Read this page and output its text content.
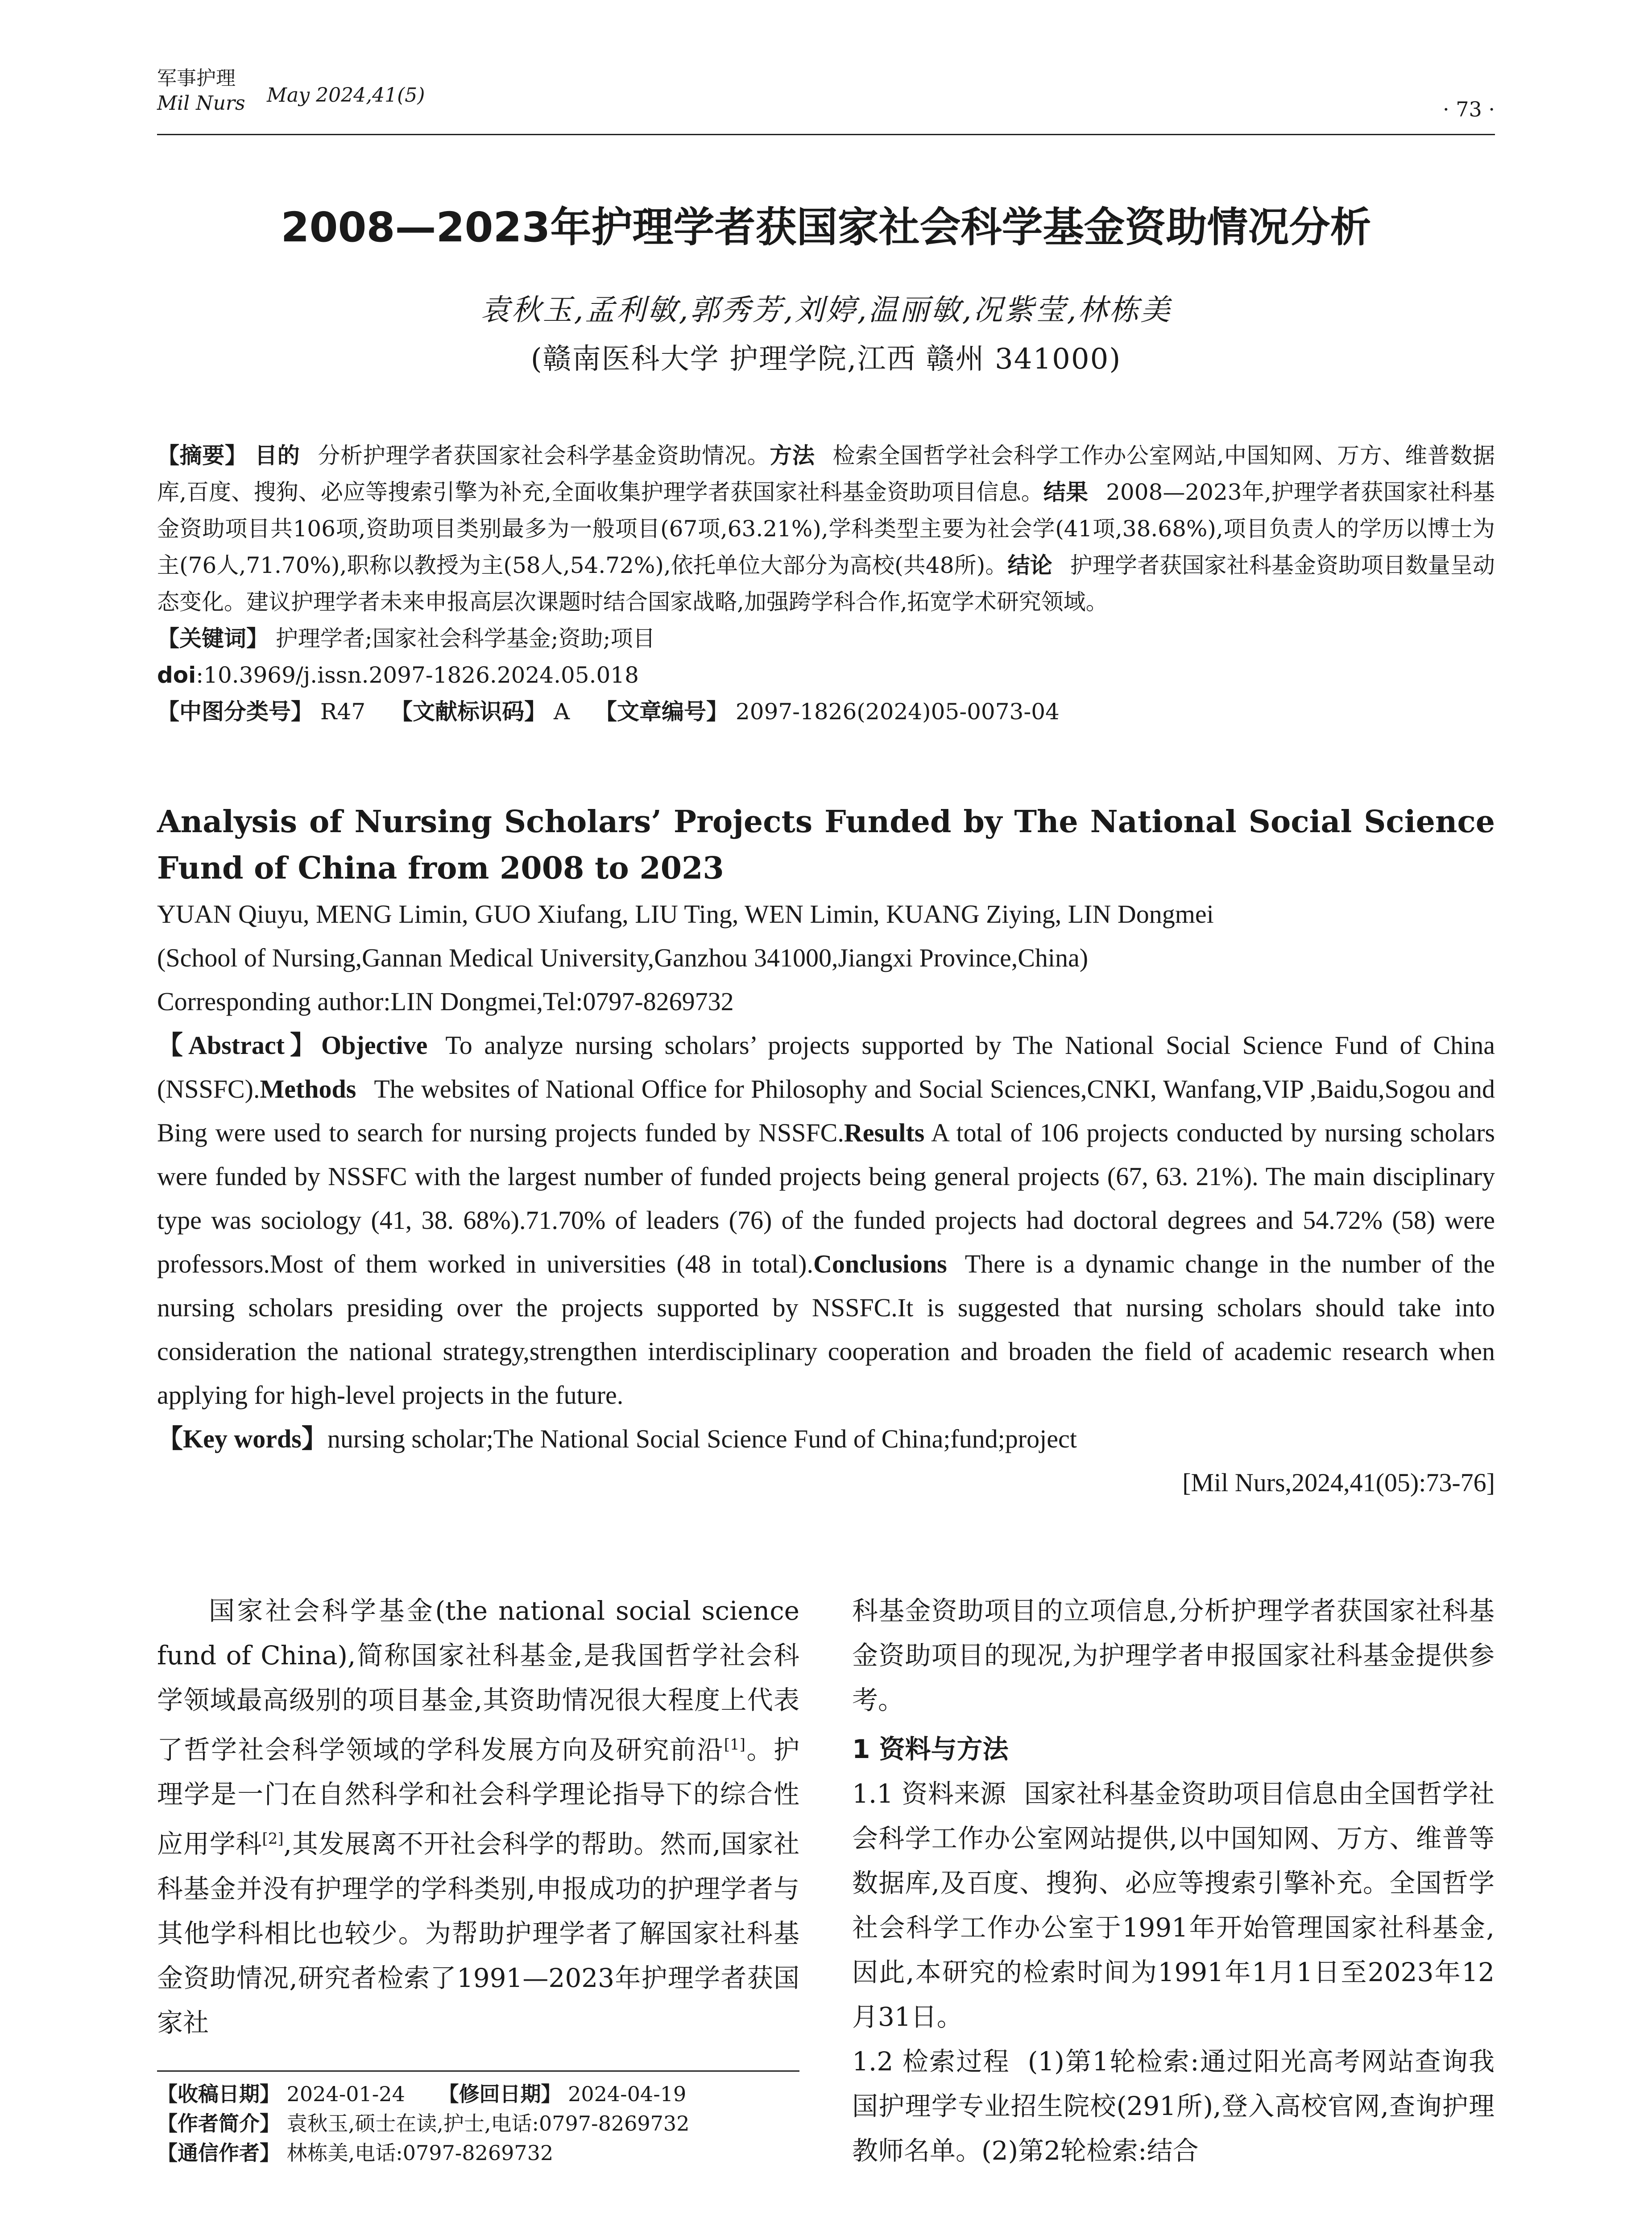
军事护理
Mil Nurs May 2024,41(5)
· 73 ·
2008—2023年护理学者获国家社会科学基金资助情况分析
袁秋玉,孟利敏,郭秀芳,刘婷,温丽敏,况紫莹,林栋美
(赣南医科大学 护理学院,江西 赣州 341000)

【摘要】 目的 分析护理学者获国家社会科学基金资助情况。方法 检索全国哲学社会科学工作办公室网站,中国知网、万方、维普数据库,百度、搜狗、必应等搜索引擎为补充,全面收集护理学者获国家社科基金资助项目信息。结果 2008—2023年,护理学者获国家社科基金资助项目共106项,资助项目类别最多为一般项目(67项,63.21%),学科类型主要为社会学(41项,38.68%),项目负责人的学历以博士为主(76人,71.70%),职称以教授为主(58人,54.72%),依托单位大部分为高校(共48所)。结论 护理学者获国家社科基金资助项目数量呈动态变化。建议护理学者未来申报高层次课题时结合国家战略,加强跨学科合作,拓宽学术研究领域。

【关键词】 护理学者;国家社会科学基金;资助;项目

doi:10.3969/j.issn.2097-1826.2024.05.018

【中图分类号】 R47 【文献标识码】 A 【文章编号】 2097-1826(2024)05-0073-04

Analysis of Nursing Scholars’ Projects Funded by The National Social Science Fund of China from 2008 to 2023

YUAN Qiuyu, MENG Limin, GUO Xiufang, LIU Ting, WEN Limin, KUANG Ziying, LIN Dongmei

(School of Nursing,Gannan Medical University,Ganzhou 341000,Jiangxi Province,China)

Corresponding author:LIN Dongmei,Tel:0797-8269732

【Abstract】Objective To analyze nursing scholars’ projects supported by The National Social Science Fund of China (NSSFC).Methods The websites of National Office for Philosophy and Social Sciences,CNKI, Wanfang,VIP ,Baidu,Sogou and Bing were used to search for nursing projects funded by NSSFC.Results A total of 106 projects conducted by nursing scholars were funded by NSSFC with the largest number of funded projects being general projects (67, 63. 21%). The main disciplinary type was sociology (41, 38. 68%).71.70% of leaders (76) of the funded projects had doctoral degrees and 54.72% (58) were professors.Most of them worked in universities (48 in total).Conclusions There is a dynamic change in the number of the nursing scholars presiding over the projects supported by NSSFC.It is suggested that nursing scholars should take into consideration the national strategy,strengthen interdisciplinary cooperation and broaden the field of academic research when applying for high-level projects in the future.

【Key words】nursing scholar;The National Social Science Fund of China;fund;project

[Mil Nurs,2024,41(05):73-76]

国家社会科学基金(the national social science fund of China),简称国家社科基金,是我国哲学社会科学领域最高级别的项目基金,其资助情况很大程度上代表了哲学社会科学领域的学科发展方向及研究前沿[1]。护理学是一门在自然科学和社会科学理论指导下的综合性应用学科[2],其发展离不开社会科学的帮助。然而,国家社科基金并没有护理学的学科类别,申报成功的护理学者与其他学科相比也较少。为帮助护理学者了解国家社科基金资助情况,研究者检索了1991—2023年护理学者获国家社

科基金资助项目的立项信息,分析护理学者获国家社科基金资助项目的现况,为护理学者申报国家社科基金提供参考。

1 资料与方法

1.1 资料来源 国家社科基金资助项目信息由全国哲学社会科学工作办公室网站提供,以中国知网、万方、维普等数据库,及百度、搜狗、必应等搜索引擎补充。全国哲学社会科学工作办公室于1991年开始管理国家社科基金,因此,本研究的检索时间为1991年1月1日至2023年12月31日。

1.2 检索过程 (1)第1轮检索:通过阳光高考网站查询我国护理学专业招生院校(291所),登入高校官网,查询护理教师名单。(2)第2轮检索:结合

【收稿日期】 2024-01-24 【修回日期】 2024-04-19

【作者简介】 袁秋玉,硕士在读,护士,电话:0797-8269732

【通信作者】 林栋美,电话:0797-8269732
